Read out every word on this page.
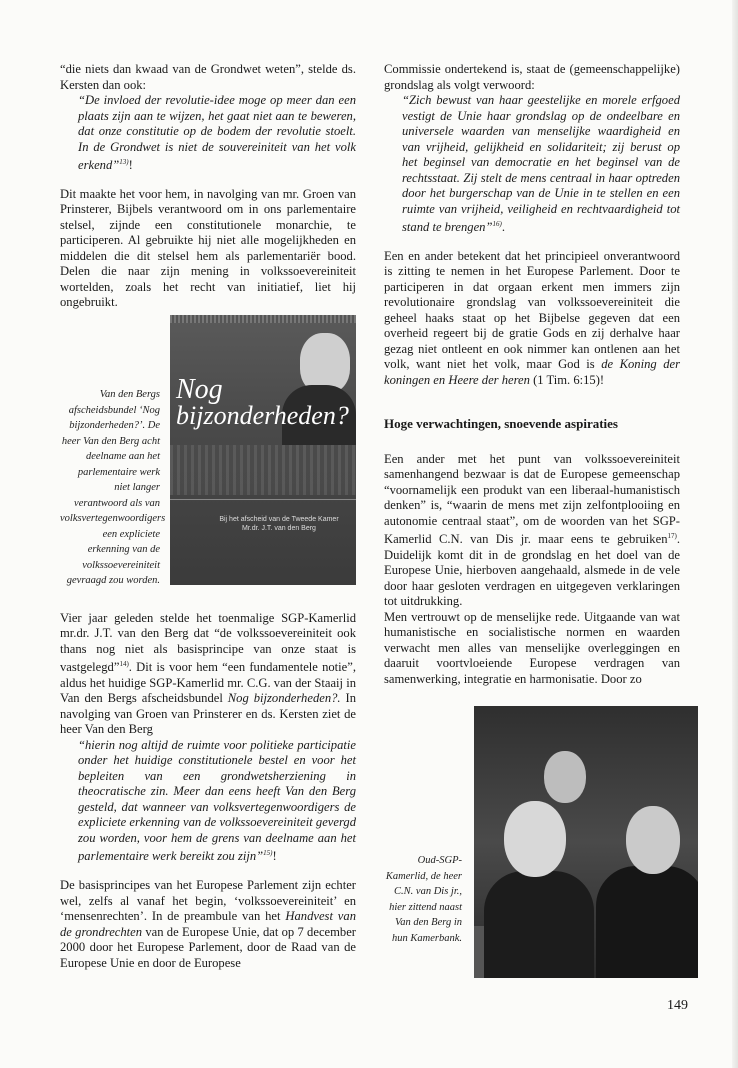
“die niets dan kwaad van de Grondwet weten”, stelde ds. Kersten dan ook:

“De invloed der revolutie-idee moge op meer dan een plaats zijn aan te wijzen, het gaat niet aan te beweren, dat onze constitutie op de bodem der revolutie stoelt. In de Grondwet is niet de souvereiniteit van het volk erkend”$^{13)}$!

Dit maakte het voor hem, in navolging van mr. Groen van Prinsterer, Bijbels verantwoord om in ons parlementaire stelsel, zijnde een constitutionele monarchie, te participeren. Al gebruikte hij niet alle mogelijkheden en middelen die dit stelsel hem als parlementariër bood. Delen die naar zijn mening in volkssoevereiniteit wortelden, zoals het recht van initiatief, liet hij ongebruikt.

Vier jaar geleden stelde het toenmalige SGP-Kamerlid mr.dr. J.T. van den Berg dat “de volkssoevereiniteit ook thans nog niet als basisprincipe van onze staat is vastgelegd”$^{14)}$. Dit is voor hem “een fundamentele notie”, aldus het huidige SGP-Kamerlid mr. C.G. van der Staaij in Van den Bergs afscheidsbundel Nog bijzonderheden?. In navolging van Groen van Prinsterer en ds. Kersten ziet de heer Van den Berg

“hierin nog altijd de ruimte voor politieke participatie onder het huidige constitutionele bestel en voor het bepleiten van een grondwetsherziening in theocratische zin. Meer dan eens heeft Van den Berg gesteld, dat wanneer van volksvertegenwoordigers de expliciete erkenning van de volkssoevereiniteit gevergd zou worden, voor hem de grens van deelname aan het parlementaire werk bereikt zou zijn”$^{15)}$!

De basisprincipes van het Europese Parlement zijn echter wel, zelfs al vanaf het begin, ‘volkssoevereiniteit’ en ‘mensenrechten’. In de preambule van het Handvest van de grondrechten van de Europese Unie, dat op 7 december 2000 door het Europese Parlement, door de Raad van de Europese Unie en door de Europese

Nog
bijzonderheden?
Bij het afscheid van de Tweede Kamer
Mr.dr. J.T. van den Berg
Van den Bergs afscheidsbundel ‘Nog bijzonderheden?’. De heer Van den Berg acht deelname aan het parlementaire werk niet langer verantwoord als van volksvertegenwoordigers een expliciete erkenning van de volkssoevereiniteit gevraagd zou worden.

Commissie ondertekend is, staat de (gemeenschappelijke) grondslag als volgt verwoord:

“Zich bewust van haar geestelijke en morele erfgoed vestigt de Unie haar grondslag op de ondeelbare en universele waarden van menselijke waardigheid en van vrijheid, gelijkheid en solidariteit; zij berust op het beginsel van democratie en het beginsel van de rechtsstaat. Zij stelt de mens centraal in haar optreden door het burgerschap van de Unie in te stellen en een ruimte van vrijheid, veiligheid en rechtvaardigheid tot stand te brengen”$^{16)}$.

Een en ander betekent dat het principieel onverantwoord is zitting te nemen in het Europese Parlement. Door te participeren in dat orgaan erkent men immers zijn revolutionaire grondslag van volkssoevereiniteit die geheel haaks staat op het Bijbelse gegeven dat een overheid regeert bij de gratie Gods en zij derhalve haar gezag niet ontleent en ook nimmer kan ontlenen aan het volk, want niet het volk, maar God is de Koning der koningen en Heere der heren (1 Tim. 6:15)!

Hoge verwachtingen, snoevende aspiraties

Een ander met het punt van volkssoevereiniteit samenhangend bezwaar is dat de Europese gemeenschap “voornamelijk een produkt van een liberaal-humanistisch denken” is, “waarin de mens met zijn zelfontplooiing en autonomie centraal staat”, om de woorden van het SGP-Kamerlid C.N. van Dis jr. maar eens te gebruiken$^{17)}$. Duidelijk komt dit in de grondslag en het doel van de Europese Unie, hierboven aangehaald, alsmede in de vele door haar gesloten verdragen en uitgegeven verklaringen tot uitdrukking.

Men vertrouwt op de menselijke rede. Uitgaande van wat humanistische en socialistische normen en waarden verwacht men alles van menselijke overleggingen en daaruit voortvloeiende Europese verdragen van samenwerking, integratie en harmonisatie. Door zo

Oud-SGP-Kamerlid, de heer C.N. van Dis jr., hier zittend naast Van den Berg in hun Kamerbank.
149
